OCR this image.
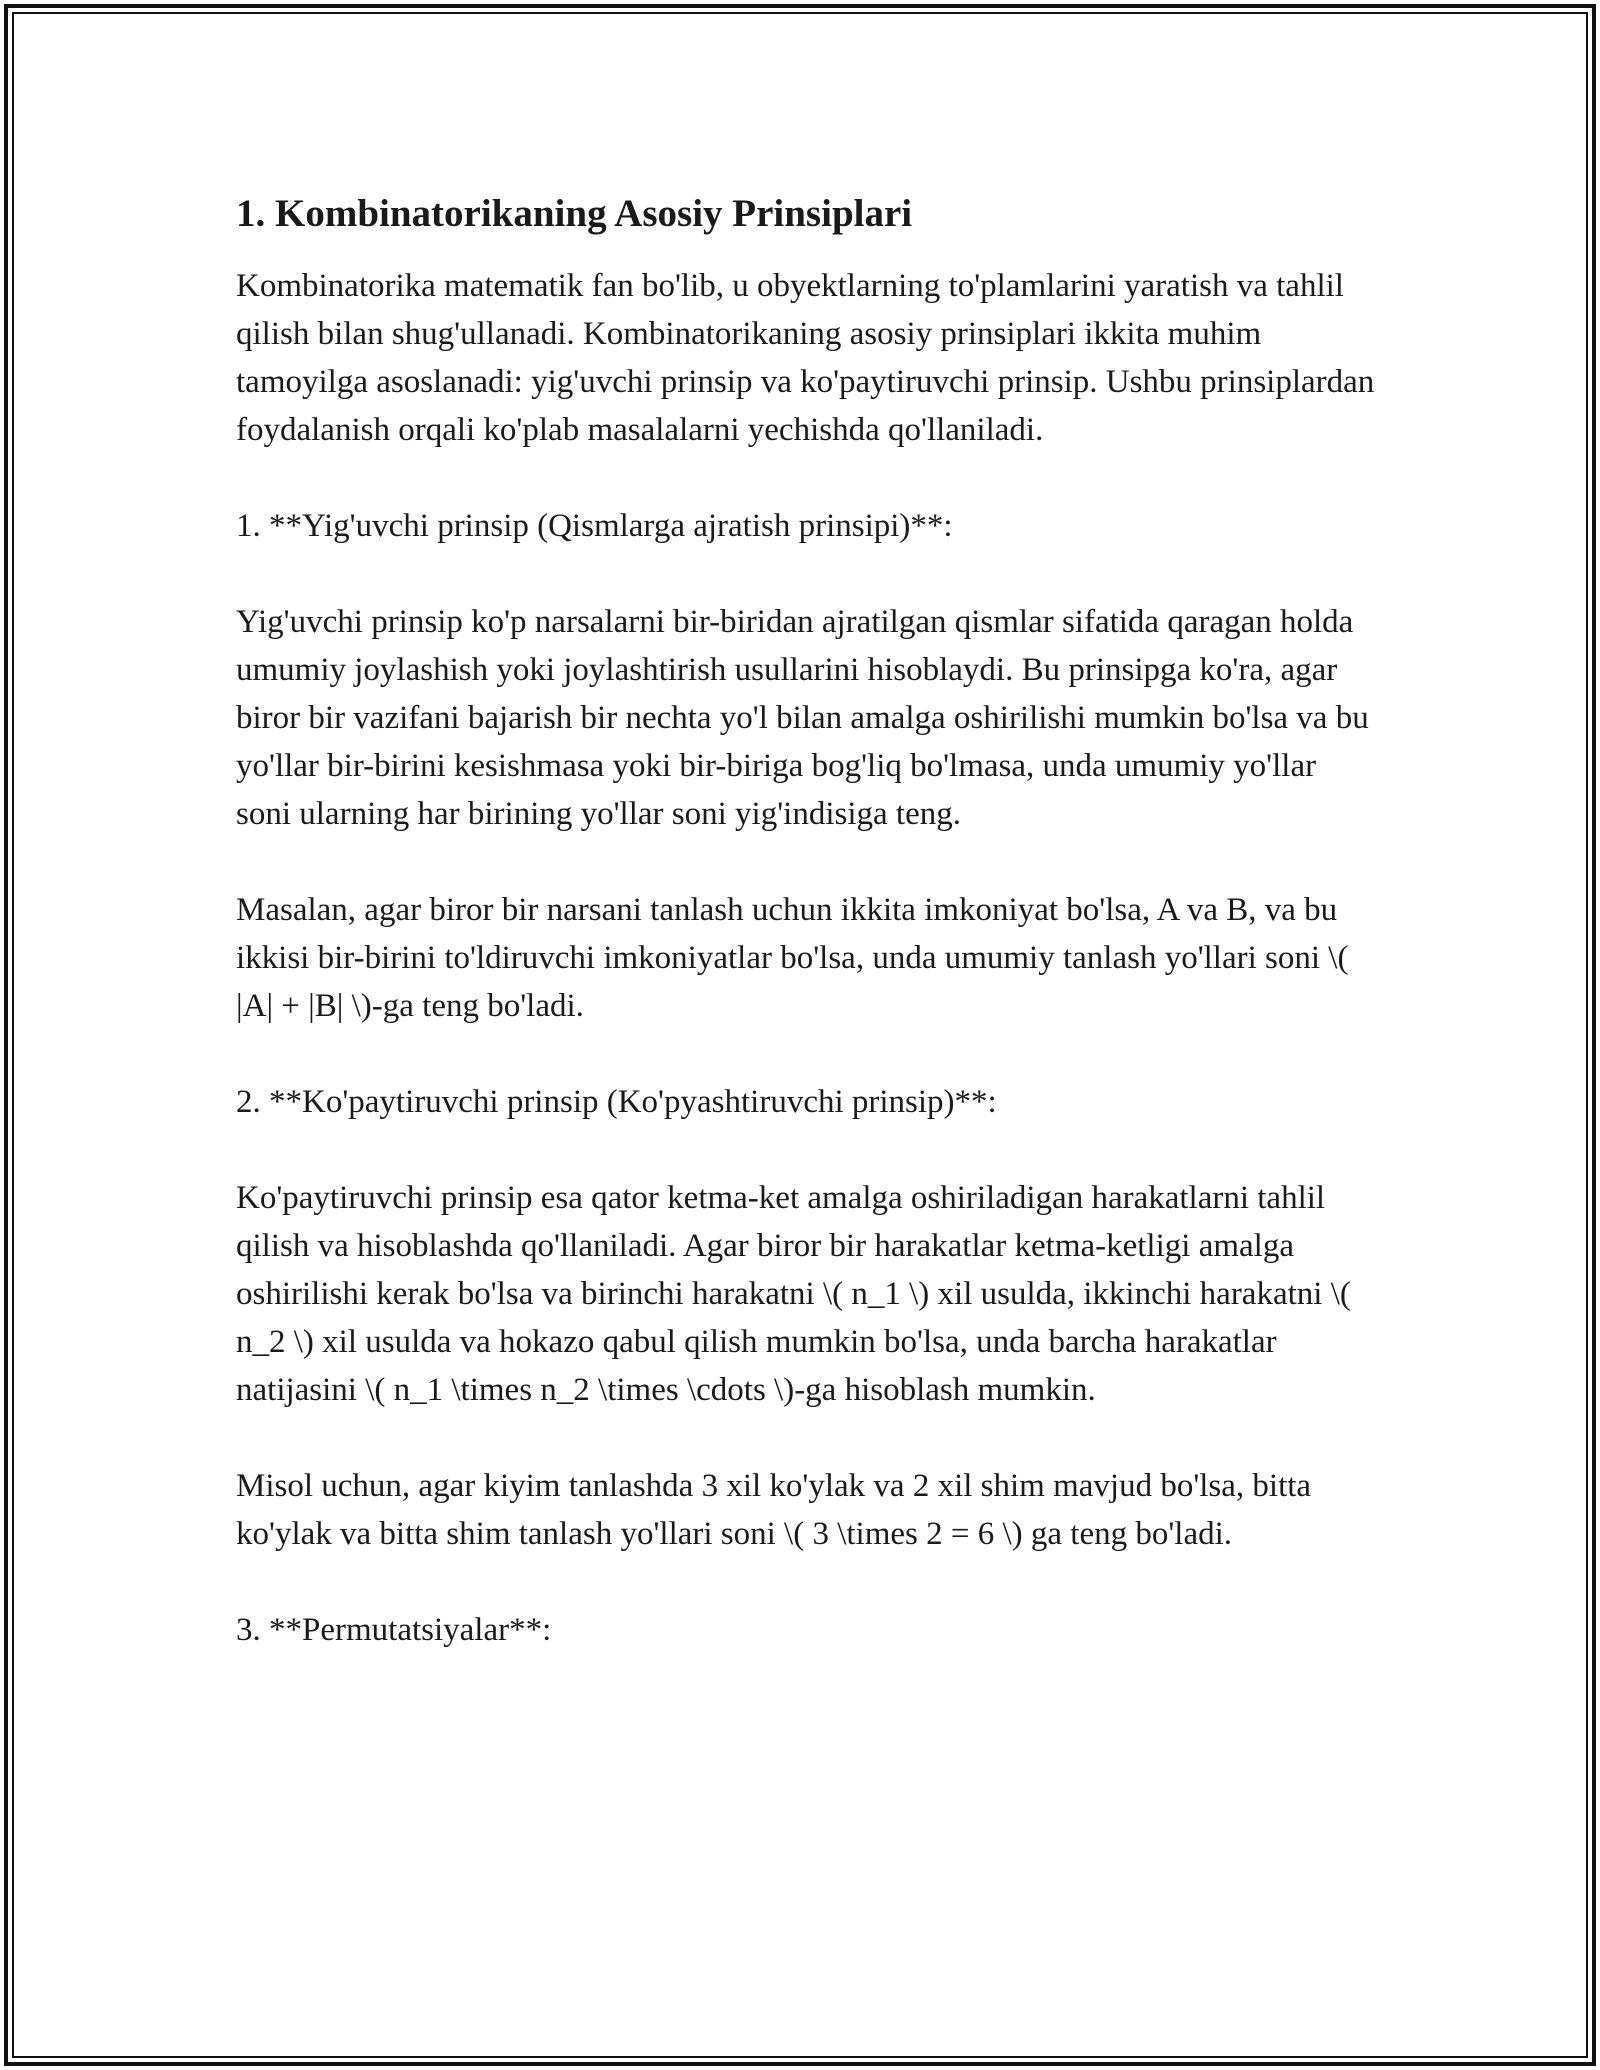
1. Kombinatorikaning Asosiy Prinsiplari

Kombinatorika matematik fan bo'lib, u obyektlarning to'plamlarini yaratish va tahlil qilish bilan shug'ullanadi. Kombinatorikaning asosiy prinsiplari ikkita muhim tamoyilga asoslanadi: yig'uvchi prinsip va ko'paytiruvchi prinsip. Ushbu prinsiplardan foydalanish orqali ko'plab masalalarni yechishda qo'llaniladi.

1. **Yig'uvchi prinsip (Qismlarga ajratish prinsipi)**:

Yig'uvchi prinsip ko'p narsalarni bir-biridan ajratilgan qismlar sifatida qaragan holda umumiy joylashish yoki joylashtirish usullarini hisoblaydi. Bu prinsipga ko'ra, agar biror bir vazifani bajarish bir nechta yo'l bilan amalga oshirilishi mumkin bo'lsa va bu yo'llar bir-birini kesishmasa yoki bir-biriga bog'liq bo'lmasa, unda umumiy yo'llar soni ularning har birining yo'llar soni yig'indisiga teng.

Masalan, agar biror bir narsani tanlash uchun ikkita imkoniyat bo'lsa, A va B, va bu ikkisi bir-birini to'ldiruvchi imkoniyatlar bo'lsa, unda umumiy tanlash yo'llari soni \( |A| + |B| \)-ga teng bo'ladi.

2. **Ko'paytiruvchi prinsip (Ko'pyashtiruvchi prinsip)**:

Ko'paytiruvchi prinsip esa qator ketma-ket amalga oshiriladigan harakatlarni tahlil qilish va hisoblashda qo'llaniladi. Agar biror bir harakatlar ketma-ketligi amalga oshirilishi kerak bo'lsa va birinchi harakatni \( n_1 \) xil usulda, ikkinchi harakatni \( n_2 \) xil usulda va hokazo qabul qilish mumkin bo'lsa, unda barcha harakatlar natijasini \( n_1 \times n_2 \times \cdots \)-ga hisoblash mumkin.

Misol uchun, agar kiyim tanlashda 3 xil ko'ylak va 2 xil shim mavjud bo'lsa, bitta ko'ylak va bitta shim tanlash yo'llari soni \( 3 \times 2 = 6 \) ga teng bo'ladi.

3. **Permutatsiyalar**:
